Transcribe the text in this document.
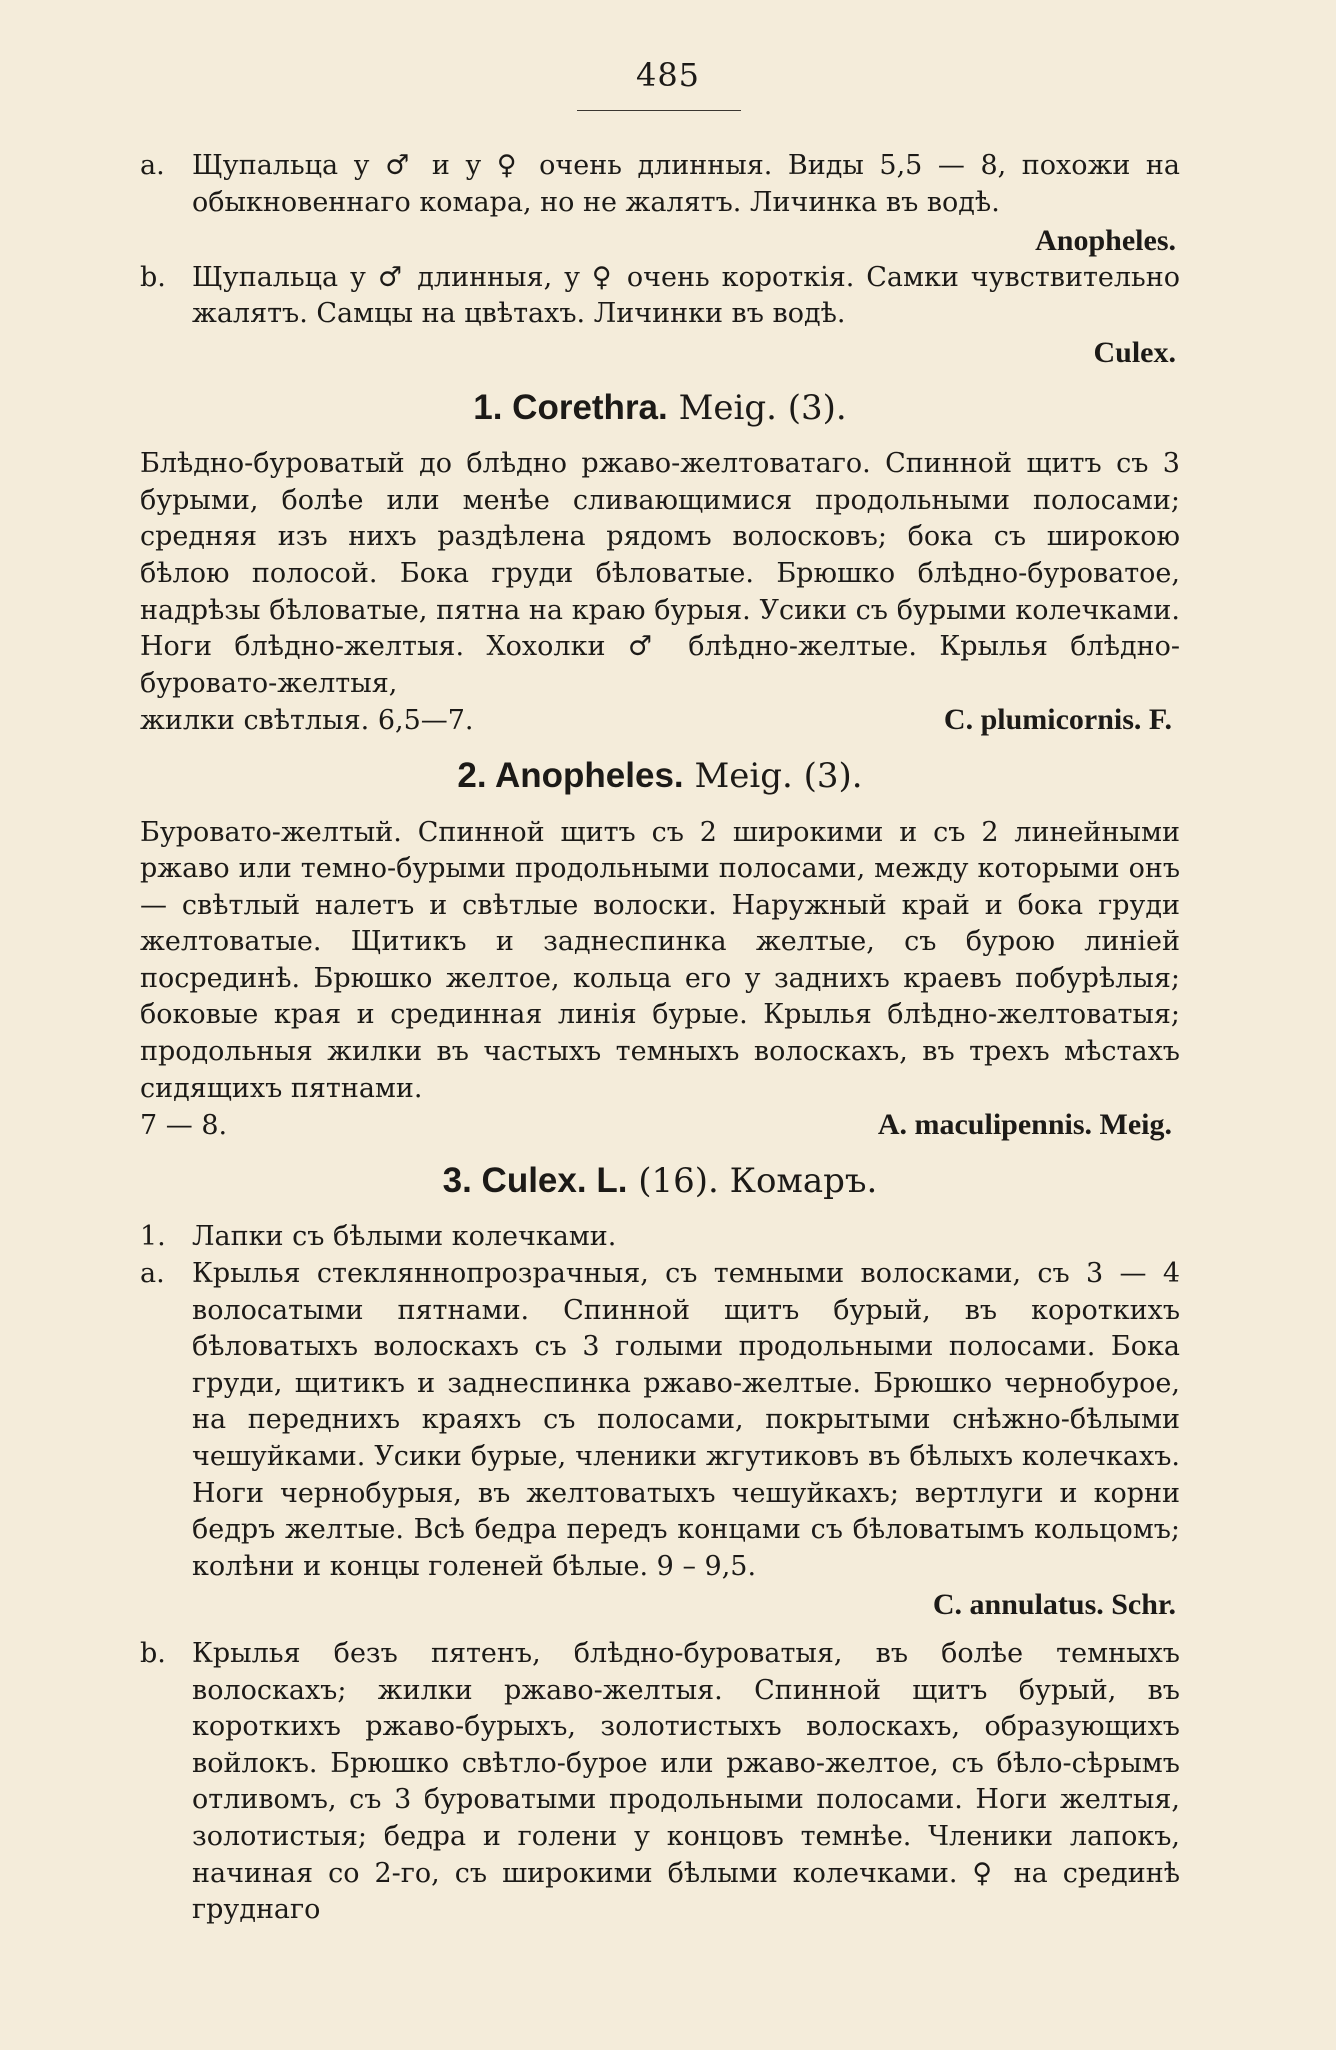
485
a. Щупальца у ♂ и у ♀ очень длинныя. Виды 5,5 — 8, похожи на обыкновеннаго комара, но не жалятъ. Личинка въ водѣ.
Anopheles.
b. Щупальца у ♂ длинныя, у ♀ очень короткія. Самки чувствительно жалятъ. Самцы на цвѣтахъ. Личинки въ водѣ.
Culex.
1. Corethra. Meig. (3).
Блѣдно-буроватый до блѣдно ржаво-желтоватаго. Спинной щитъ съ 3 бурыми, болѣе или менѣе сливающимися продольными полосами; средняя изъ нихъ раздѣлена рядомъ волосковъ; бока съ широкою бѣлою полосой. Бока груди бѣловатые. Брюшко блѣдно-буроватое, надрѣзы бѣловатые, пятна на краю бурыя. Усики съ бурыми колечками. Ноги блѣдно-желтыя. Хохолки ♂ блѣдно-желтые. Крылья блѣдно-буровато-желтыя,
жилки свѣтлыя. 6,5—7.	C. plumicornis. F.
2. Anopheles. Meig. (3).
Буровато-желтый. Спинной щитъ съ 2 широкими и съ 2 линейными ржаво или темно-бурыми продольными полосами, между которыми онъ— свѣтлый налетъ и свѣтлые волоски. Наружный край и бока груди желтоватые. Щитикъ и заднеспинка желтые, съ бурою линіей посрединѣ. Брюшко желтое, кольца его у заднихъ краевъ побурѣлыя; боковые края и срединная линія бурые. Крылья блѣдно-желтоватыя; продольныя жилки въ частыхъ темныхъ волоскахъ, въ трехъ мѣстахъ сидящихъ пятнами.
7 — 8.	A. maculipennis. Meig.
3. Culex. L. (16). Комаръ.
1. Лапки съ бѣлыми колечками.
a. Крылья стекляннопрозрачныя, съ темными волосками, съ 3 — 4 волосатыми пятнами. Спинной щитъ бурый, въ короткихъ бѣловатыхъ волоскахъ съ 3 голыми продольными полосами. Бока груди, щитикъ и заднеспинка ржаво-желтые. Брюшко чернобурое, на переднихъ краяхъ съ полосами, покрытыми снѣжно-бѣлыми чешуйками. Усики бурые, членики жгутиковъ въ бѣлыхъ колечкахъ. Ноги чернобурыя, въ желтоватыхъ чешуйкахъ; вертлуги и корни бедръ желтые. Всѣ бедра передъ концами съ бѣловатымъ кольцомъ; колѣни и концы голеней бѣлые. 9 – 9,5.
C. annulatus. Schr.
b. Крылья безъ пятенъ, блѣдно-буроватыя, въ болѣе темныхъ волоскахъ; жилки ржаво-желтыя. Спинной щитъ бурый, въ короткихъ ржаво-бурыхъ, золотистыхъ волоскахъ, образующихъ войлокъ. Брюшко свѣтло-бурое или ржаво-желтое, съ бѣло-сѣрымъ отливомъ, съ 3 буроватыми продольными полосами. Ноги желтыя, золотистыя; бедра и голени у концовъ темнѣе. Членики лапокъ, начиная со 2-го, съ широкими бѣлыми колечками. ♀ на срединѣ груднаго
